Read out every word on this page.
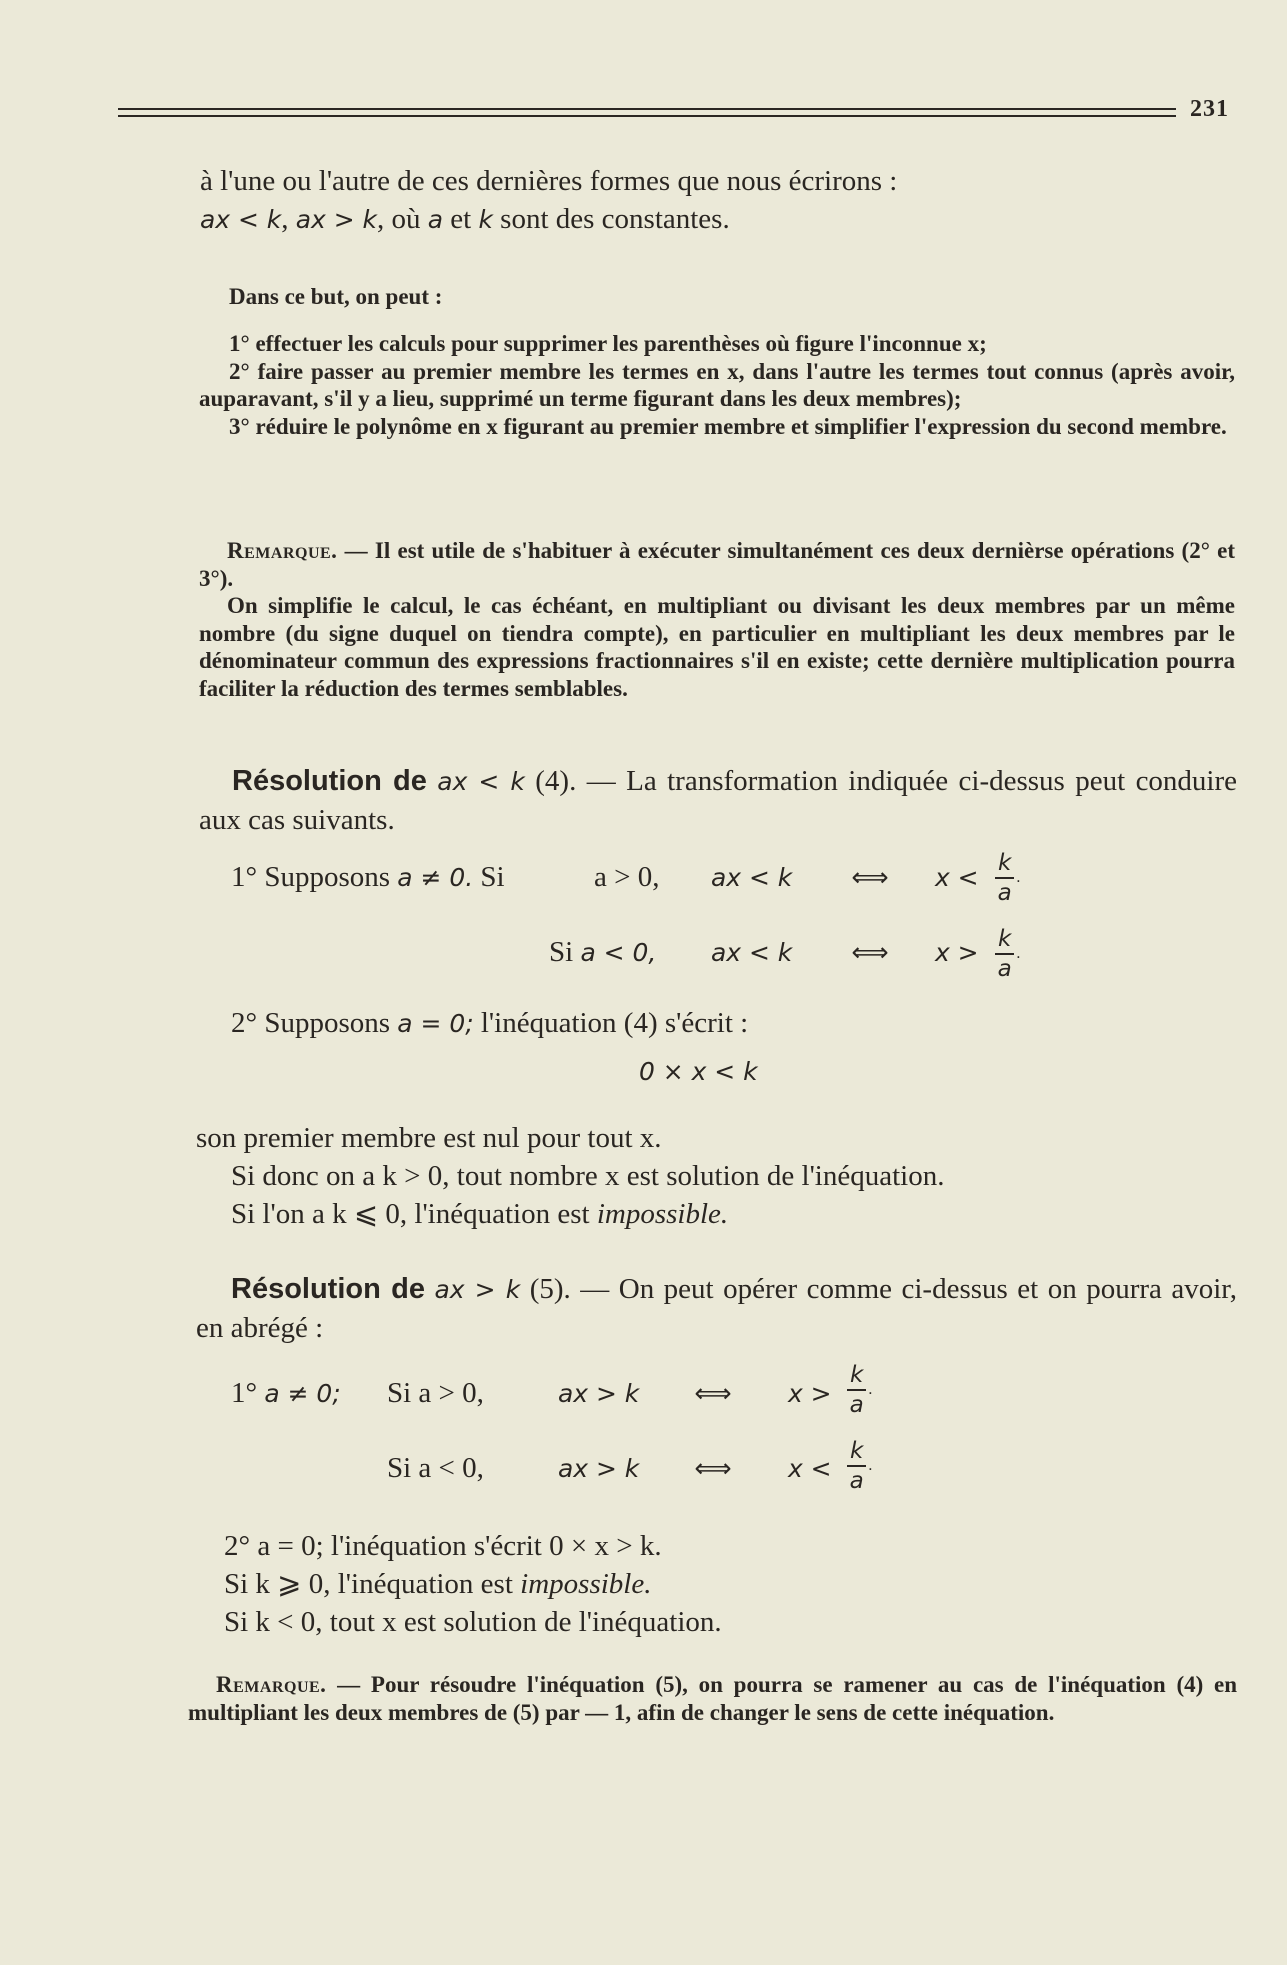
231
à l'une ou l'autre de ces dernières formes que nous écrirons :
ax < k, ax > k, où a et k sont des constantes.
Dans ce but, on peut :
1° effectuer les calculs pour supprimer les parenthèses où figure l'inconnue x;
2° faire passer au premier membre les termes en x, dans l'autre les termes tout connus (après avoir, auparavant, s'il y a lieu, supprimé un terme figurant dans les deux membres);
3° réduire le polynôme en x figurant au premier membre et simplifier l'expression du second membre.
Remarque. — Il est utile de s'habituer à exécuter simultanément ces deux dernièrse opérations (2° et 3°).
On simplifie le calcul, le cas échéant, en multipliant ou divisant les deux membres par un même nombre (du signe duquel on tiendra compte), en particulier en multipliant les deux membres par le dénominateur commun des expressions fractionnaires s'il en existe; cette dernière multiplication pourra faciliter la réduction des termes semblables.
Résolution de ax < k (4). — La transformation indiquée ci-dessus peut conduire aux cas suivants.
1° Supposons a ≠ 0. Si	a > 0, ax < k	⟺	$x < \frac{k}{a}$ .
Si a < 0, ax < k	⟺	$x > \frac{k}{a}$ .
2° Supposons a = 0; l'inéquation (4) s'écrit :
0 × x < k
son premier membre est nul pour tout x.
Si donc on a k > 0, tout nombre x est solution de l'inéquation.
Si l'on a k ⩽ 0, l'inéquation est impossible.
Résolution de ax > k (5). — On peut opérer comme ci-dessus et on pourra avoir, en abrégé :
1° a ≠ 0; Si a > 0,	ax > k	⟺	$x > \frac{k}{a}$ .
Si a < 0,	ax > k	⟺	$x < \frac{k}{a}$ .
2° a = 0; l'inéquation s'écrit 0 × x > k.
Si k ⩾ 0, l'inéquation est impossible.
Si k < 0, tout x est solution de l'inéquation.
Remarque. — Pour résoudre l'inéquation (5), on pourra se ramener au cas de l'inéquation (4) en multipliant les deux membres de (5) par — 1, afin de changer le sens de cette inéquation.
